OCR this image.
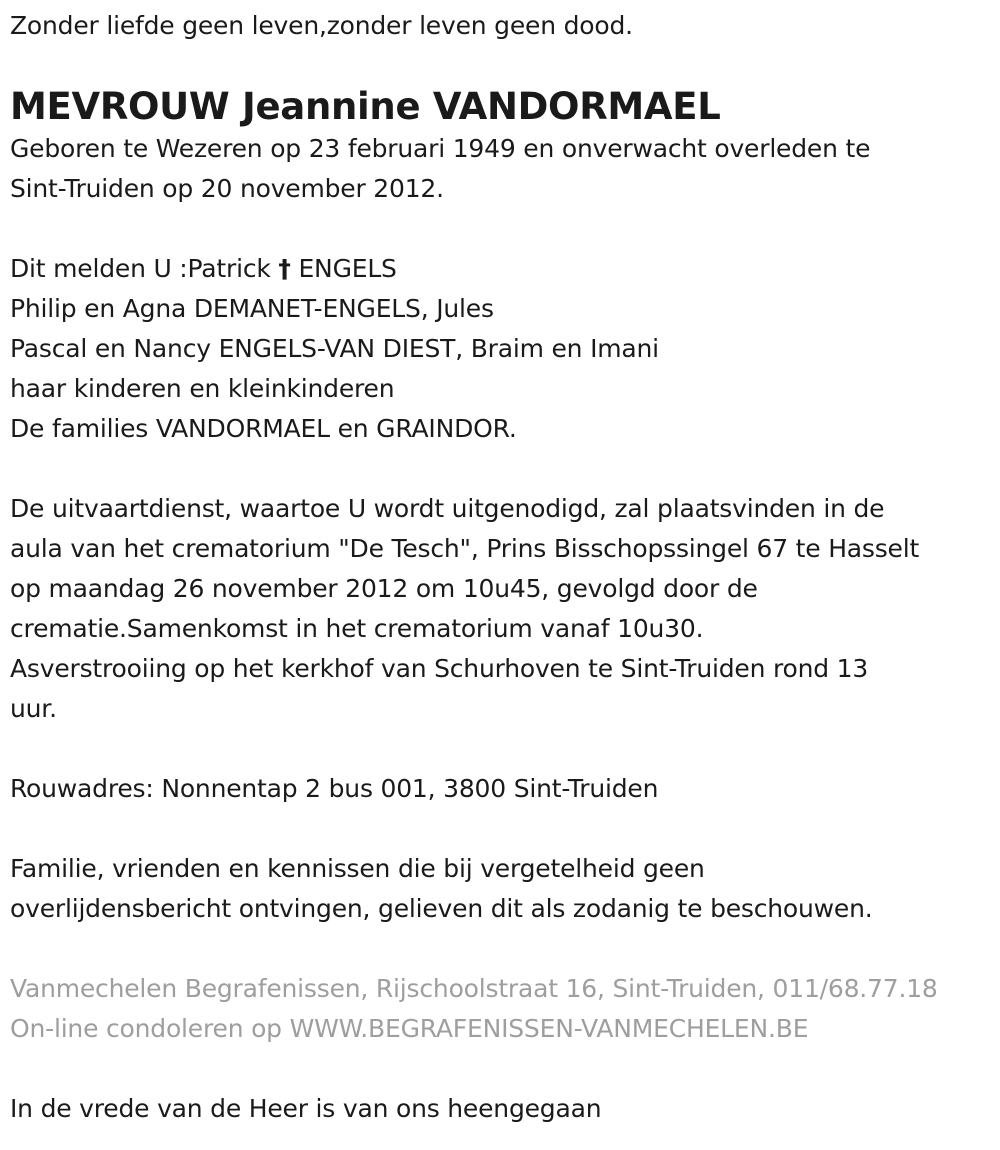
Zonder liefde geen leven,zonder leven geen dood.
MEVROUW Jeannine VANDORMAEL
Geboren te Wezeren op 23 februari 1949 en onverwacht overleden te
Sint-Truiden op 20 november 2012.
Dit melden U :Patrick † ENGELS
Philip en Agna DEMANET-ENGELS, Jules
Pascal en Nancy ENGELS-VAN DIEST, Braim en Imani
haar kinderen en kleinkinderen
De families VANDORMAEL en GRAINDOR.
De uitvaartdienst, waartoe U wordt uitgenodigd, zal plaatsvinden in de
aula van het crematorium "De Tesch", Prins Bisschopssingel 67 te Hasselt
op maandag 26 november 2012 om 10u45, gevolgd door de
crematie.Samenkomst in het crematorium vanaf 10u30.
Asverstrooiing op het kerkhof van Schurhoven te Sint-Truiden rond 13
uur.
Rouwadres: Nonnentap 2 bus 001, 3800 Sint-Truiden
Familie, vrienden en kennissen die bij vergetelheid geen
overlijdensbericht ontvingen, gelieven dit als zodanig te beschouwen.
Vanmechelen Begrafenissen, Rijschoolstraat 16, Sint-Truiden, 011/68.77.18
On-line condoleren op WWW.BEGRAFENISSEN-VANMECHELEN.BE
In de vrede van de Heer is van ons heengegaan
